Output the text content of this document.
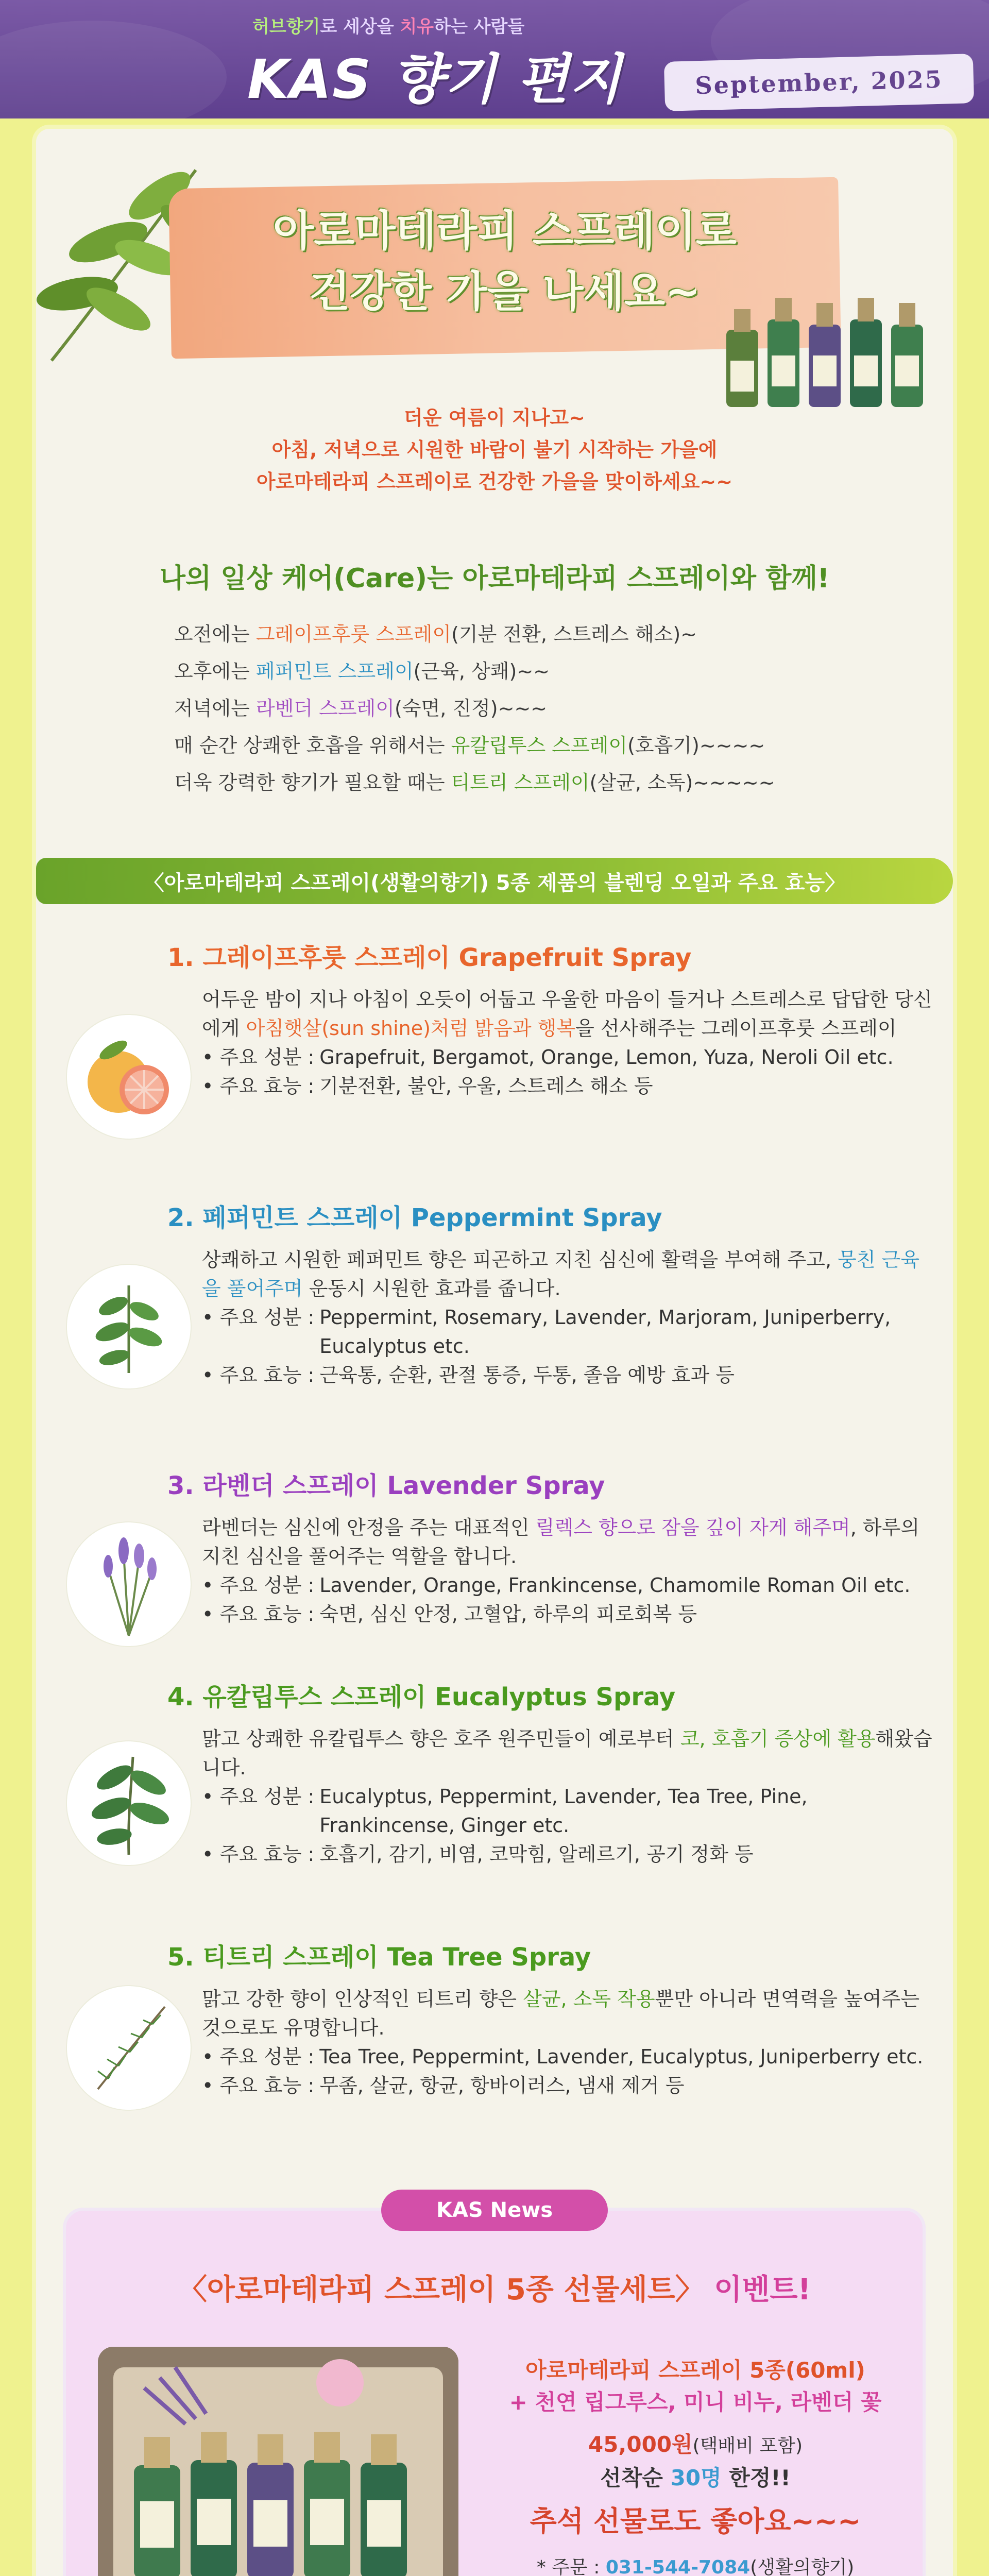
허브향기로 세상을 치유하는 사람들
KAS 향기 편지	September, 2025
아로마테라피 스프레이로
건강한 가을 나세요~
더운 여름이 지나고~
아침, 저녁으로 시원한 바람이 불기 시작하는 가을에
아로마테라피 스프레이로 건강한 가을을 맞이하세요~~
나의 일상 케어(Care)는 아로마테라피 스프레이와 함께!
오전에는 그레이프후룻 스프레이(기분 전환, 스트레스 해소)~
오후에는 페퍼민트 스프레이(근육, 상쾌)~~
저녁에는 라벤더 스프레이(숙면, 진정)~~~
매 순간 상쾌한 호흡을 위해서는 유칼립투스 스프레이(호흡기)~~~~
더욱 강력한 향기가 필요할 때는 티트리 스프레이(살균, 소독)~~~~~
〈아로마테라피 스프레이(생활의향기) 5종 제품의 블렌딩 오일과 주요 효능〉
1. 그레이프후룻 스프레이 Grapefruit Spray
어두운 밤이 지나 아침이 오듯이 어둡고 우울한 마음이 들거나 스트레스로 답답한 당신에게 아침햇살(sun shine)처럼 밝음과 행복을 선사해주는 그레이프후룻 스프레이
• 주요 성분 : Grapefruit, Bergamot, Orange, Lemon, Yuza, Neroli Oil etc.
• 주요 효능 : 기분전환, 불안, 우울, 스트레스 해소 등
2. 페퍼민트 스프레이 Peppermint Spray
상쾌하고 시원한 페퍼민트 향은 피곤하고 지친 심신에 활력을 부여해 주고, 뭉친 근육을 풀어주며 운동시 시원한 효과를 줍니다.
• 주요 성분 : Peppermint, Rosemary, Lavender, Marjoram, Juniperberry, Eucalyptus etc.
• 주요 효능 : 근육통, 순환, 관절 통증, 두통, 졸음 예방 효과 등
3. 라벤더 스프레이 Lavender Spray
라벤더는 심신에 안정을 주는 대표적인 릴렉스 향으로 잠을 깊이 자게 해주며, 하루의 지친 심신을 풀어주는 역할을 합니다.
• 주요 성분 : Lavender, Orange, Frankincense, Chamomile Roman Oil etc.
• 주요 효능 : 숙면, 심신 안정, 고혈압, 하루의 피로회복 등
4. 유칼립투스 스프레이 Eucalyptus Spray
맑고 상쾌한 유칼립투스 향은 호주 원주민들이 예로부터 코, 호흡기 증상에 활용해왔습니다.
• 주요 성분 : Eucalyptus, Peppermint, Lavender, Tea Tree, Pine, Frankincense, Ginger etc.
• 주요 효능 : 호흡기, 감기, 비염, 코막힘, 알레르기, 공기 정화 등
5. 티트리 스프레이 Tea Tree Spray
맑고 강한 향이 인상적인 티트리 향은 살균, 소독 작용뿐만 아니라 면역력을 높여주는 것으로도 유명합니다.
• 주요 성분 : Tea Tree, Peppermint, Lavender, Eucalyptus, Juniperberry etc.
• 주요 효능 : 무좀, 살균, 항균, 항바이러스, 냄새 제거 등
KAS News
〈아로마테라피 스프레이 5종 선물세트〉 이벤트!
아로마테라피 스프레이 5종(60ml)
+ 천연 립그루스, 미니 비누, 라벤더 꽃
45,000원(택배비 포함)
선착순 30명 한정!!
추석 선물로도 좋아요~~~
* 주문 : 031-544-7084(생활의향기)
